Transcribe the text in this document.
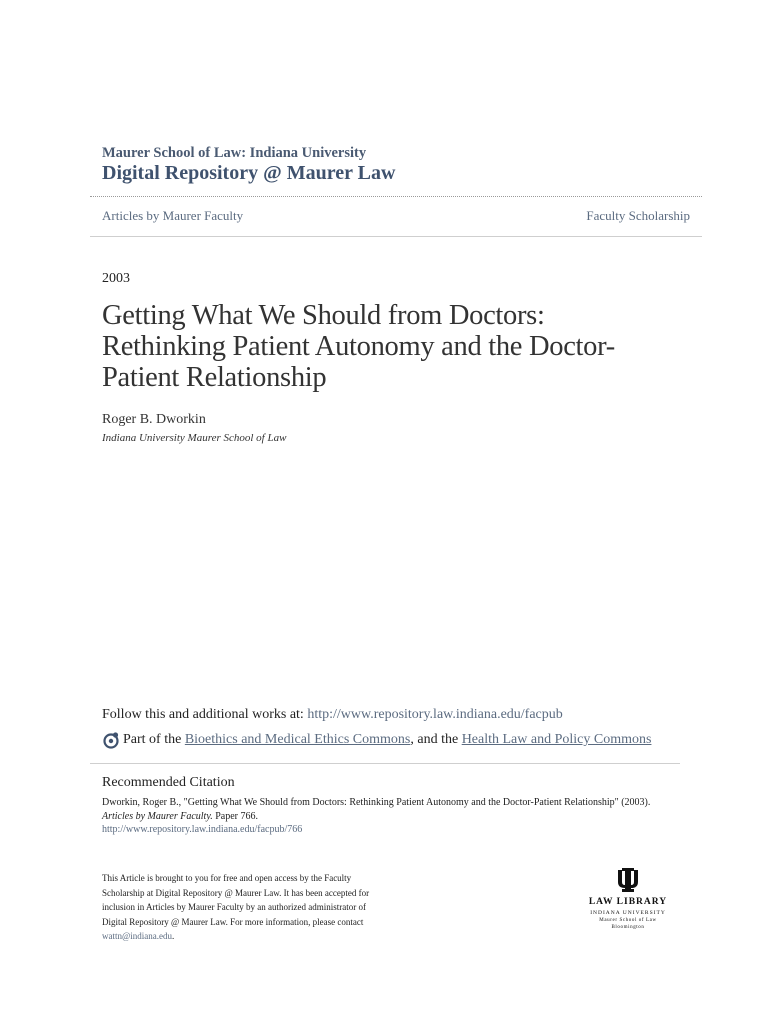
Maurer School of Law: Indiana University
Digital Repository @ Maurer Law
Articles by Maurer Faculty	Faculty Scholarship
2003
Getting What We Should from Doctors:
Rethinking Patient Autonomy and the Doctor-
Patient Relationship
Roger B. Dworkin
Indiana University Maurer School of Law
Follow this and additional works at: http://www.repository.law.indiana.edu/facpub
Part of the
Bioethics and Medical Ethics Commons , and the
Health Law and Policy Commons
Recommended Citation
Dworkin, Roger B., "Getting What We Should from Doctors: Rethinking Patient Autonomy and the Doctor-Patient Relationship" (2003). Articles by Maurer Faculty. Paper 766.
http://www.repository.law.indiana.edu/facpub/766
This Article is brought to you for free and open access by the Faculty
Scholarship at Digital Repository @ Maurer Law. It has been accepted for
inclusion in Articles by Maurer Faculty by an authorized administrator of
Digital Repository @ Maurer Law. For more information, please contact
wattn@indiana.edu.
LAW LIBRARY
INDIANA UNIVERSITY
Maurer School of Law
Bloomington
